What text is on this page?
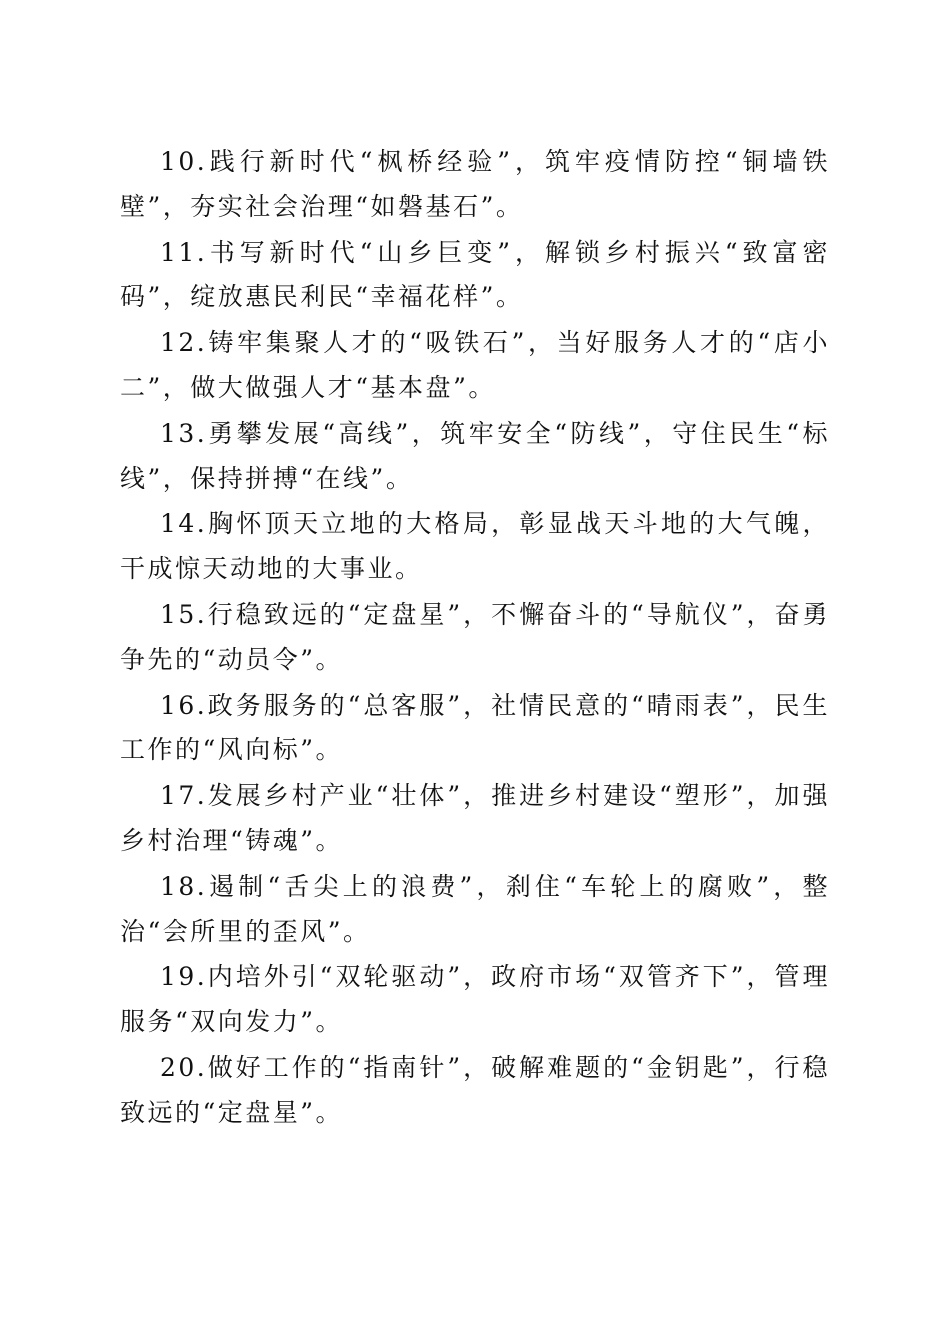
10.践行新时代“枫桥经验”，筑牢疫情防控“铜墙铁壁”，夯实社会治理“如磐基石”。

11.书写新时代“山乡巨变”，解锁乡村振兴“致富密码”，绽放惠民利民“幸福花样”。

12.铸牢集聚人才的“吸铁石”，当好服务人才的“店小二”，做大做强人才“基本盘”。

13.勇攀发展“高线”，筑牢安全“防线”，守住民生“标线”，保持拼搏“在线”。

14.胸怀顶天立地的大格局，彰显战天斗地的大气魄，干成惊天动地的大事业。

15.行稳致远的“定盘星”，不懈奋斗的“导航仪”，奋勇争先的“动员令”。

16.政务服务的“总客服”，社情民意的“晴雨表”，民生工作的“风向标”。

17.发展乡村产业“壮体”，推进乡村建设“塑形”，加强乡村治理“铸魂”。

18.遏制“舌尖上的浪费”，刹住“车轮上的腐败”，整治“会所里的歪风”。

19.内培外引“双轮驱动”，政府市场“双管齐下”，管理服务“双向发力”。

20.做好工作的“指南针”，破解难题的“金钥匙”，行稳致远的“定盘星”。
